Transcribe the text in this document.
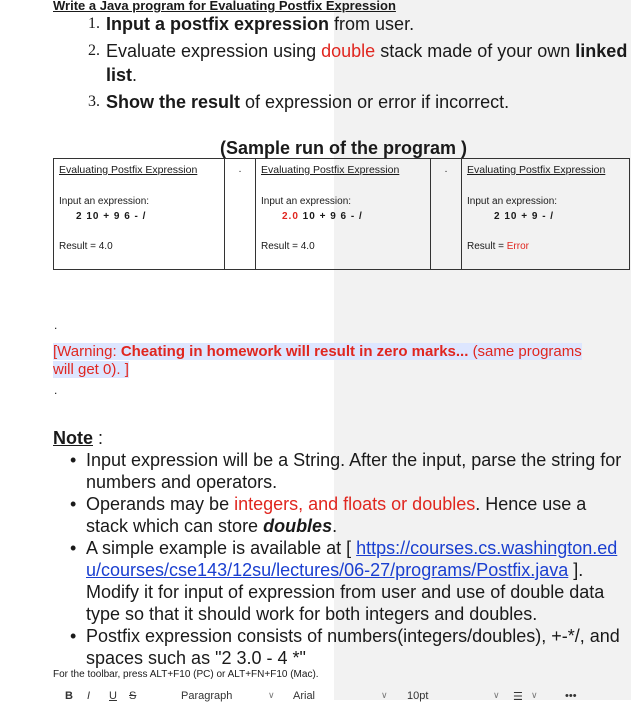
Write a Java program for Evaluating Postfix Expression
1. Input a postfix expression from user.
2. Evaluate expression using double stack made of your own linked list.
3. Show the result of expression or error if incorrect.
(Sample run of the program )
Evaluating Postfix Expression
Input an expression:
2 10 + 9 6 - /
Result = 4.0
	.	Evaluating Postfix Expression
Input an expression:
2.0 10 + 9 6 - /
Result = 4.0
	.	Evaluating Postfix Expression
Input an expression:
2 10 + 9 - /
Result = Error
.
[Warning: Cheating in homework will result in zero marks... (same programs will get 0). ]
.
Note :
• Input expression will be a String. After the input, parse the string for numbers and operators.
• Operands may be integers, and floats or doubles. Hence use a stack which can store doubles.
• A simple example is available at [ https://courses.cs.washington.edu/courses/cse143/12su/lectures/06-27/programs/Postfix.java ]. Modify it for input of expression from user and use of double data type so that it should work for both integers and doubles.
• Postfix expression consists of numbers(integers/doubles), +-*/, and spaces such as "2 3.0 - 4 *"
For the toolbar, press ALT+F10 (PC) or ALT+FN+F10 (Mac).
B I U S	Paragraph	∨ Arial	∨ 10pt	∨ ☰ ∨ •••
